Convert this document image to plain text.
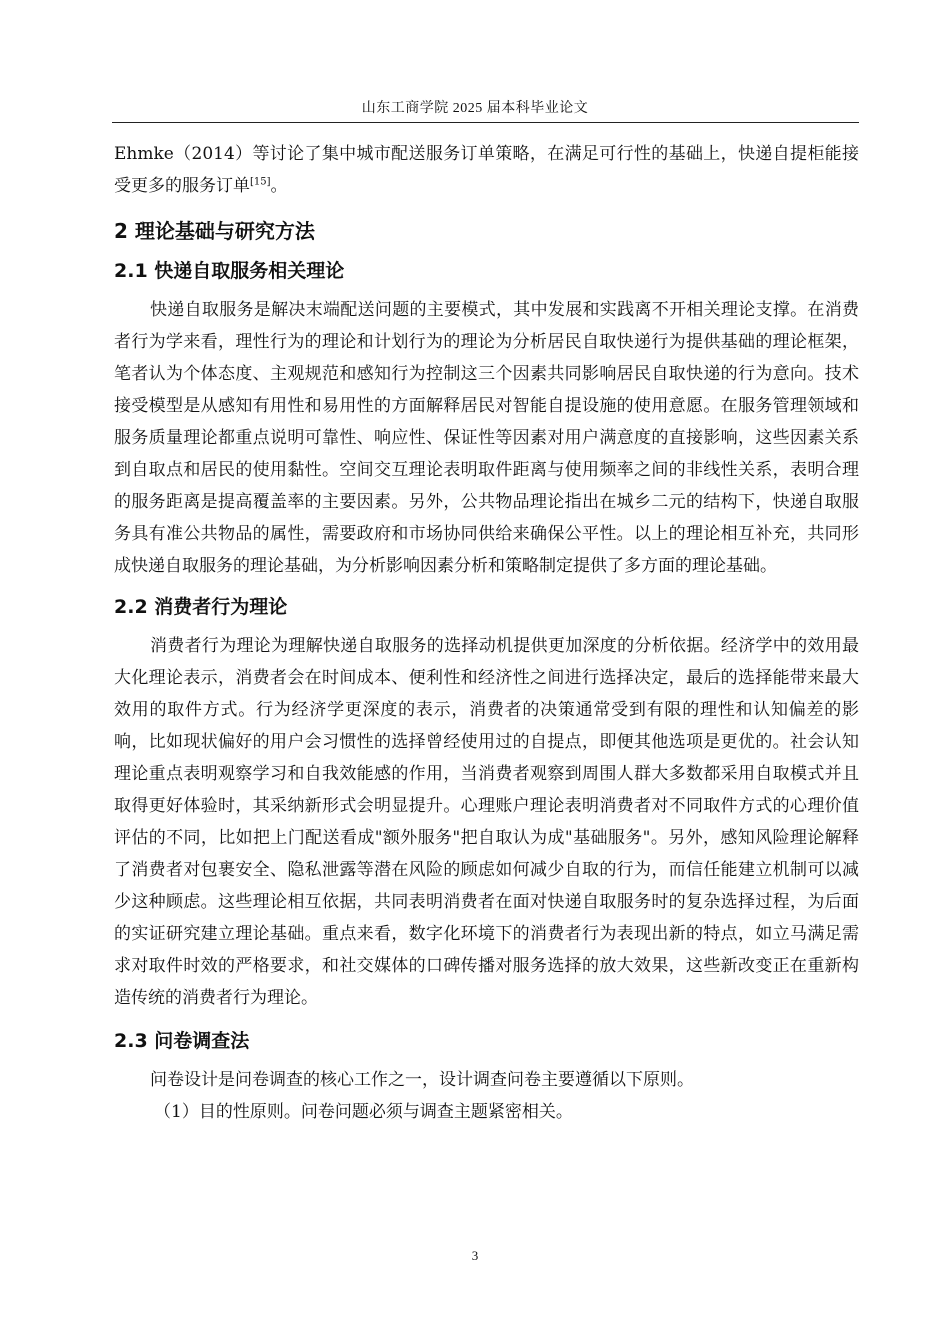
山东工商学院 2025 届本科毕业论文

Ehmke（2014）等讨论了集中城市配送服务订单策略，在满足可行性的基础上，快递自提柜能接受更多的服务订单[15]。

2 理论基础与研究方法
2.1 快递自取服务相关理论

快递自取服务是解决末端配送问题的主要模式，其中发展和实践离不开相关理论支撑。在消费者行为学来看，理性行为的理论和计划行为的理论为分析居民自取快递行为提供基础的理论框架，笔者认为个体态度、主观规范和感知行为控制这三个因素共同影响居民自取快递的行为意向。技术接受模型是从感知有用性和易用性的方面解释居民对智能自提设施的使用意愿。在服务管理领域和服务质量理论都重点说明可靠性、响应性、保证性等因素对用户满意度的直接影响，这些因素关系到自取点和居民的使用黏性。空间交互理论表明取件距离与使用频率之间的非线性关系，表明合理的服务距离是提高覆盖率的主要因素。另外，公共物品理论指出在城乡二元的结构下，快递自取服务具有准公共物品的属性，需要政府和市场协同供给来确保公平性。以上的理论相互补充，共同形成快递自取服务的理论基础，为分析影响因素分析和策略制定提供了多方面的理论基础。

2.2 消费者行为理论

消费者行为理论为理解快递自取服务的选择动机提供更加深度的分析依据。经济学中的效用最大化理论表示，消费者会在时间成本、便利性和经济性之间进行选择决定，最后的选择能带来最大效用的取件方式。行为经济学更深度的表示，消费者的决策通常受到有限的理性和认知偏差的影响，比如现状偏好的用户会习惯性的选择曾经使用过的自提点，即便其他选项是更优的。社会认知理论重点表明观察学习和自我效能感的作用，当消费者观察到周围人群大多数都采用自取模式并且取得更好体验时，其采纳新形式会明显提升。心理账户理论表明消费者对不同取件方式的心理价值评估的不同，比如把上门配送看成"额外服务"把自取认为成"基础服务"。另外，感知风险理论解释了消费者对包裹安全、隐私泄露等潜在风险的顾虑如何减少自取的行为，而信任能建立机制可以减少这种顾虑。这些理论相互依据，共同表明消费者在面对快递自取服务时的复杂选择过程，为后面的实证研究建立理论基础。重点来看，数字化环境下的消费者行为表现出新的特点，如立马满足需求对取件时效的严格要求，和社交媒体的口碑传播对服务选择的放大效果，这些新改变正在重新构造传统的消费者行为理论。

2.3 问卷调查法

问卷设计是问卷调查的核心工作之一，设计调查问卷主要遵循以下原则。

（1）目的性原则。问卷问题必须与调查主题紧密相关。

3
